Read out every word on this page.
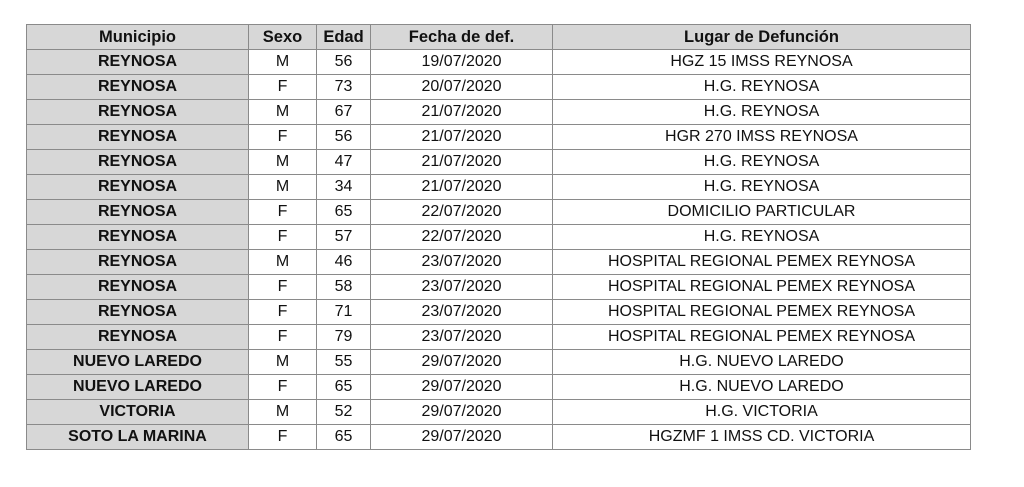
Municipio	Sexo	Edad	Fecha de def.	Lugar de Defunción
REYNOSA	M	56	19/07/2020	HGZ 15 IMSS REYNOSA
REYNOSA	F	73	20/07/2020	H.G. REYNOSA
REYNOSA	M	67	21/07/2020	H.G. REYNOSA
REYNOSA	F	56	21/07/2020	HGR 270 IMSS REYNOSA
REYNOSA	M	47	21/07/2020	H.G. REYNOSA
REYNOSA	M	34	21/07/2020	H.G. REYNOSA
REYNOSA	F	65	22/07/2020	DOMICILIO PARTICULAR
REYNOSA	F	57	22/07/2020	H.G. REYNOSA
REYNOSA	M	46	23/07/2020	HOSPITAL REGIONAL PEMEX REYNOSA
REYNOSA	F	58	23/07/2020	HOSPITAL REGIONAL PEMEX REYNOSA
REYNOSA	F	71	23/07/2020	HOSPITAL REGIONAL PEMEX REYNOSA
REYNOSA	F	79	23/07/2020	HOSPITAL REGIONAL PEMEX REYNOSA
NUEVO LAREDO	M	55	29/07/2020	H.G. NUEVO LAREDO
NUEVO LAREDO	F	65	29/07/2020	H.G. NUEVO LAREDO
VICTORIA	M	52	29/07/2020	H.G. VICTORIA
SOTO LA MARINA	F	65	29/07/2020	HGZMF 1 IMSS CD. VICTORIA
